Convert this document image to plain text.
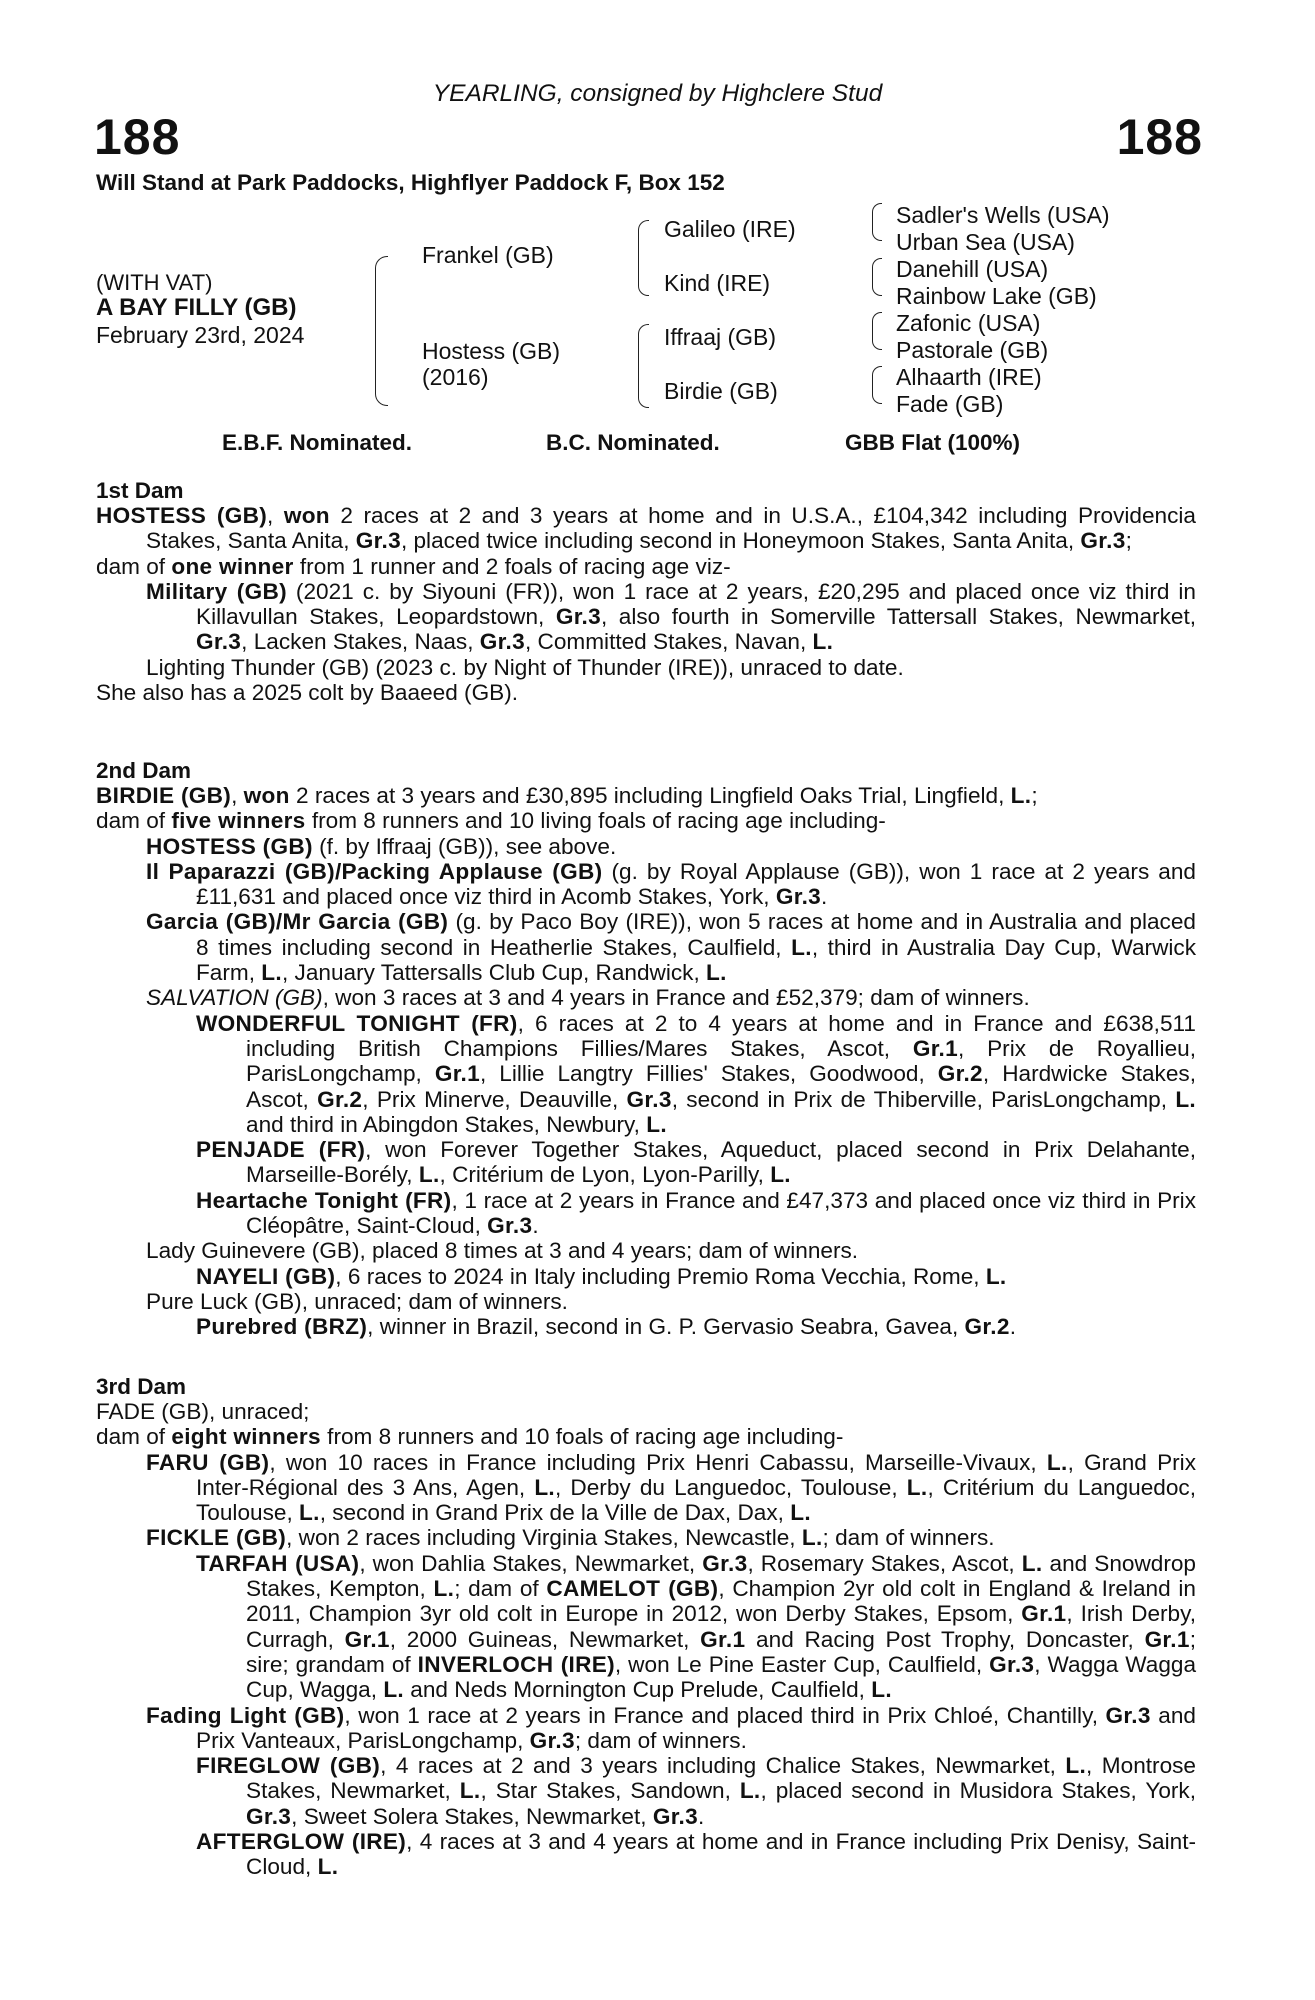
YEARLING, consigned by Highclere Stud
188	188
Will Stand at Park Paddocks, Highflyer Paddock F, Box 152
(WITH VAT)
A BAY FILLY (GB)
February 23rd, 2024
Frankel (GB)
Hostess (GB)
(2016)
Galileo (IRE)
Kind (IRE)
Iffraaj (GB)
Birdie (GB)
Sadler's Wells (USA)
Urban Sea (USA)
Danehill (USA)
Rainbow Lake (GB)
Zafonic (USA)
Pastorale (GB)
Alhaarth (IRE)
Fade (GB)
E.B.F. Nominated.	B.C. Nominated.	GBB Flat (100%)
1st Dam

HOSTESS (GB), won 2 races at 2 and 3 years at home and in U.S.A., £104,342 including Providencia Stakes, Santa Anita, Gr.3, placed twice including second in Honeymoon Stakes, Santa Anita, Gr.3;

dam of one winner from 1 runner and 2 foals of racing age viz-

Military (GB) (2021 c. by Siyouni (FR)), won 1 race at 2 years, £20,295 and placed once viz third in Killavullan Stakes, Leopardstown, Gr.3, also fourth in Somerville Tattersall Stakes, Newmarket, Gr.3, Lacken Stakes, Naas, Gr.3, Committed Stakes, Navan, L.

Lighting Thunder (GB) (2023 c. by Night of Thunder (IRE)), unraced to date.

She also has a 2025 colt by Baaeed (GB).

2nd Dam

BIRDIE (GB), won 2 races at 3 years and £30,895 including Lingfield Oaks Trial, Lingfield, L.;

dam of five winners from 8 runners and 10 living foals of racing age including-

HOSTESS (GB) (f. by Iffraaj (GB)), see above.

Il Paparazzi (GB)/Packing Applause (GB) (g. by Royal Applause (GB)), won 1 race at 2 years and £11,631 and placed once viz third in Acomb Stakes, York, Gr.3.

Garcia (GB)/Mr Garcia (GB) (g. by Paco Boy (IRE)), won 5 races at home and in Australia and placed 8 times including second in Heatherlie Stakes, Caulfield, L., third in Australia Day Cup, Warwick Farm, L., January Tattersalls Club Cup, Randwick, L.

SALVATION (GB), won 3 races at 3 and 4 years in France and £52,379; dam of winners.

WONDERFUL TONIGHT (FR), 6 races at 2 to 4 years at home and in France and £638,511 including British Champions Fillies/Mares Stakes, Ascot, Gr.1, Prix de Royallieu, ParisLongchamp, Gr.1, Lillie Langtry Fillies' Stakes, Goodwood, Gr.2, Hardwicke Stakes, Ascot, Gr.2, Prix Minerve, Deauville, Gr.3, second in Prix de Thiberville, ParisLongchamp, L. and third in Abingdon Stakes, Newbury, L.

PENJADE (FR), won Forever Together Stakes, Aqueduct, placed second in Prix Delahante, Marseille-Borély, L., Critérium de Lyon, Lyon-Parilly, L.

Heartache Tonight (FR), 1 race at 2 years in France and £47,373 and placed once viz third in Prix Cléopâtre, Saint-Cloud, Gr.3.

Lady Guinevere (GB), placed 8 times at 3 and 4 years; dam of winners.

NAYELI (GB), 6 races to 2024 in Italy including Premio Roma Vecchia, Rome, L.

Pure Luck (GB), unraced; dam of winners.

Purebred (BRZ), winner in Brazil, second in G. P. Gervasio Seabra, Gavea, Gr.2.

3rd Dam

FADE (GB), unraced;

dam of eight winners from 8 runners and 10 foals of racing age including-

FARU (GB), won 10 races in France including Prix Henri Cabassu, Marseille-Vivaux, L., Grand Prix Inter-Régional des 3 Ans, Agen, L., Derby du Languedoc, Toulouse, L., Critérium du Languedoc, Toulouse, L., second in Grand Prix de la Ville de Dax, Dax, L.

FICKLE (GB), won 2 races including Virginia Stakes, Newcastle, L.; dam of winners.

TARFAH (USA), won Dahlia Stakes, Newmarket, Gr.3, Rosemary Stakes, Ascot, L. and Snowdrop Stakes, Kempton, L.; dam of CAMELOT (GB), Champion 2yr old colt in England & Ireland in 2011, Champion 3yr old colt in Europe in 2012, won Derby Stakes, Epsom, Gr.1, Irish Derby, Curragh, Gr.1, 2000 Guineas, Newmarket, Gr.1 and Racing Post Trophy, Doncaster, Gr.1; sire; grandam of INVERLOCH (IRE), won Le Pine Easter Cup, Caulfield, Gr.3, Wagga Wagga Cup, Wagga, L. and Neds Mornington Cup Prelude, Caulfield, L.

Fading Light (GB), won 1 race at 2 years in France and placed third in Prix Chloé, Chantilly, Gr.3 and Prix Vanteaux, ParisLongchamp, Gr.3; dam of winners.

FIREGLOW (GB), 4 races at 2 and 3 years including Chalice Stakes, Newmarket, L., Montrose Stakes, Newmarket, L., Star Stakes, Sandown, L., placed second in Musidora Stakes, York, Gr.3, Sweet Solera Stakes, Newmarket, Gr.3.

AFTERGLOW (IRE), 4 races at 3 and 4 years at home and in France including Prix Denisy, Saint-Cloud, L.
